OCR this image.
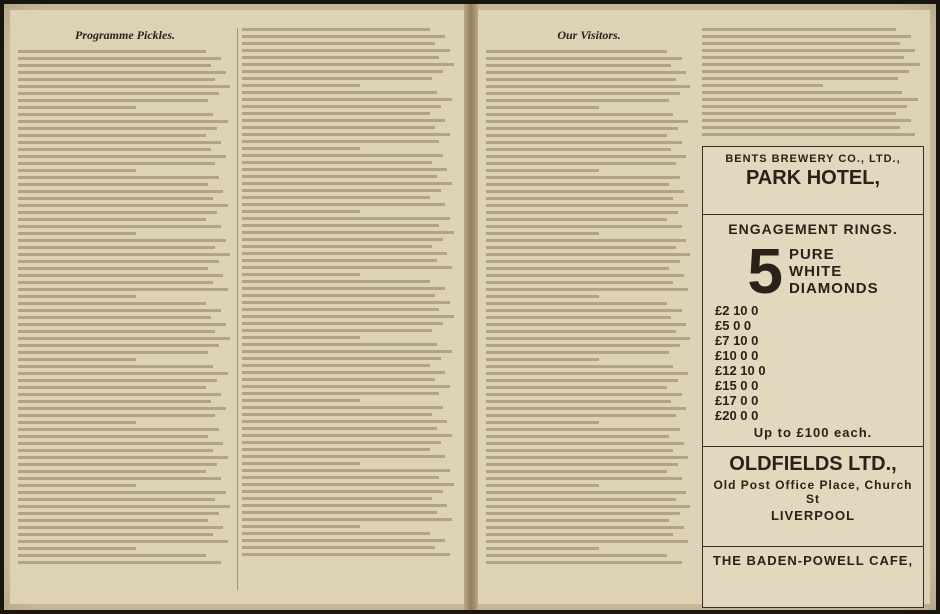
Programme Pickles.	Our Visitors.
BENTS BREWERY CO., LTD.,
PARK HOTEL,
ENGAGEMENT RINGS.
5 PURE
WHITE
DIAMONDS
£2 10 0
£5 0 0
£7 10 0
£10 0 0
£12 10 0
£15 0 0
£17 0 0
£20 0 0
Up to £100 each.
OLDFIELDS LTD.,
Old Post Office Place, Church St
LIVERPOOL
THE BADEN-POWELL CAFE,
